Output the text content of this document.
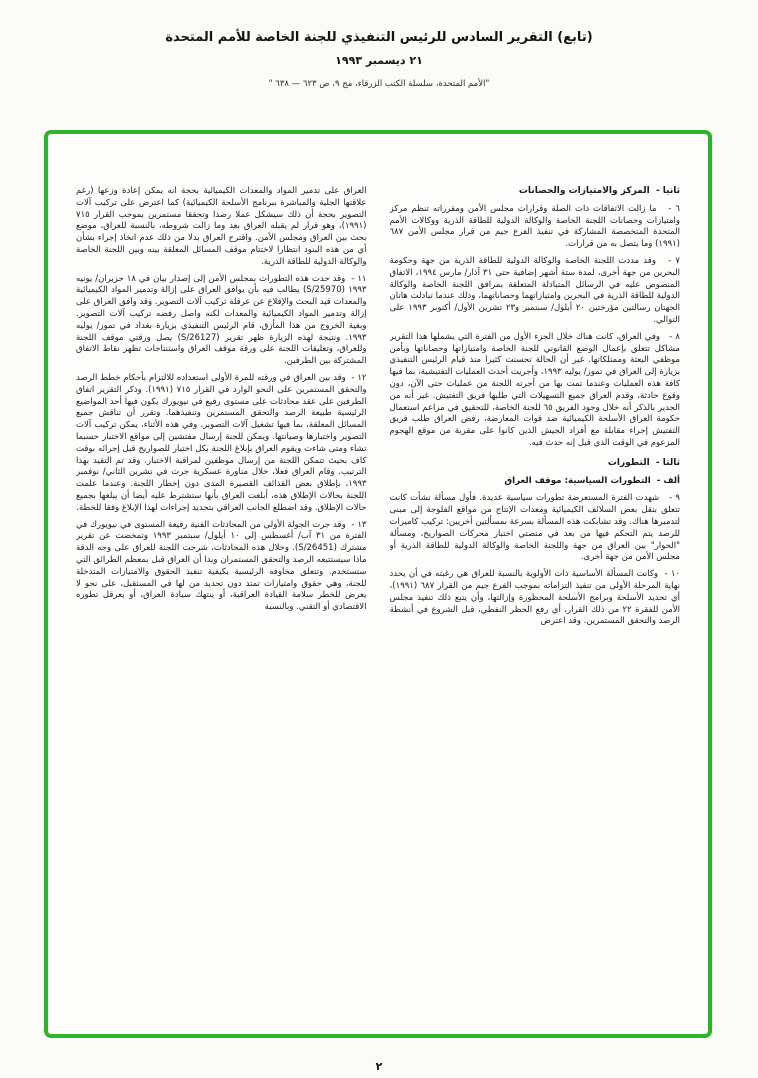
(تابع) التقرير السادس للرئيس التنفيذي للجنة الخاصة للأمم المتحدة
٢١ ديسمبر ١٩٩٣
"الأمم المتحدة، سلسلة الكتب الزرقاء، مج ٩، ص ٦٢٣ — ٦٣٨ "
ثانيا -  المركز والامتيازات والحصانات
٦ -   ما زالت الاتفاقات ذات الصلة وقرارات مجلس الأمن ومقرراته تنظم مركز وامتيازات وحصانات اللجنة الخاصة والوكالة الدولية للطاقة الذرية ووكالات الأمم المتحدة المتخصصة المشاركة في تنفيذ الفرع جيم من قرار مجلس الأمن ٦٨٧ (١٩٩١) وما يتصل به من قرارات.
٧ -   وقد مددت اللجنة الخاصة والوكالة الدولية للطاقة الذرية من جهة وحكومة البحرين من جهة أخرى، لمدة ستة أشهر إضافية حتى ٣١ آذار/ مارس ١٩٩٤، الاتفاق المنصوص عليه في الرسائل المتبادلة المتعلقة بمرافق اللجنة الخاصة والوكالة الدولية للطاقة الذرية في البحرين وامتيازاتهما وحصاناتهما، وذلك عندما تبادلت هاتان الجهتان رسالتين مؤرختين ٢٠ أيلول/ سبتمبر و٢٣ تشرين الأول/ أكتوبر ١٩٩٣ على التوالي.
٨ -   وفي العراق، كانت هناك خلال الجزء الأول من الفترة التي يشملها هذا التقرير مشاكل تتعلق بإعمال الوضع القانوني للجنة الخاصة وامتيازاتها وحصاناتها وبأمن موظفي البعثة وممتلكاتها. غير أن الحالة تحسنت كثيرا منذ قيام الرئيس التنفيذي بزيارة إلى العراق في تموز/ يوليه ١٩٩٣، وأجريت أحدث العمليات التفتيشية، بما فيها كافة هذه العمليات وعندما تمت بها من أجرته اللجنة من عمليات حتى الآن، دون وقوع حادثة، وقدم العراق جميع التسهيلات التي طلبها فريق التفتيش. غير أنه من الجدير بالذكر أنه خلال وجود الفريق ٦٥ للجنة الخاصة، للتحقيق في مزاعم استعمال حكومة العراق الأسلحة الكيميائية ضد قوات المعارضة، رفض العراق طلب فريق التفتيش إجراء مقابلة مع أفراد الجيش الذين كانوا على مقربة من موقع الهجوم المزعوم في الوقت الذي قيل إنه حدث فيه.
ثالثا -  التطورات
ألف -  التطورات السياسية: موقف العراق
٩ -   شهدت الفترة المستعرضة تطورات سياسية عديدة. فأول مسألة نشأت كانت تتعلق بنقل بعض السلائف الكيميائية ومعدات الإنتاج من مواقع الفلوجة إلى مبنى لتدميرها هناك. وقد تشابكت هذه المسألة بسرعة بمسألتين أخريين: تركيب كاميرات للرصد يتم التحكم فيها من بعد في منصتي اختبار محركات الصواريخ، ومسألة "الحوار" بين العراق من جهة واللجنة الخاصة والوكالة الدولية للطاقة الذرية أو مجلس الأمن من جهة أخرى.
١٠ -  وكانت المسألة الأساسية ذات الأولوية بالنسبة للعراق هي رغبته في أن يحدد نهاية المرحلة الأولى من تنفيذ التزاماته بموجب الفرع جيم من القرار ٦٨٧ (١٩٩١)، أي تحديد الأسلحة وبرامج الأسلحة المحظورة وإزالتها، وأن يتبع ذلك تنفيذ مجلس الأمن للفقرة ٢٢ من ذلك القرار، أي رفع الحظر النفطي، قبل الشروع في أنشطة الرصد والتحقق المستمرين. وقد اعترض
العراق على تدمير المواد والمعدات الكيميائية بحجة أنه يمكن إعادة وزعها (رغم علاقتها الجلية والمباشرة ببرنامج الأسلحة الكيميائية) كما اعترض على تركيب آلات التصوير بحجة أن ذلك سيشكل عملا رصدا وتحققا مستمرين بموجب القرار ٧١٥ (١٩٩١)، وهو قرار لم يقبله العراق بعد وما زالت شروطه، بالنسبة للعراق، موضع بحث بين العراق ومجلس الأمن. واقترح العراق بدلا من ذلك عدم اتخاذ إجراء بشأن أي من هذه البنود انتظارا لاختتام موقف المسائل المعلقة بينه وبين اللجنة الخاصة والوكالة الدولية للطاقة الذرية.
١١ -  وقد حدت هذه التطورات بمجلس الأمن إلى إصدار بيان في ١٨ حزيران/ يونيه ١٩٩٣ (S/25970) يطالب فيه بأن يوافق العراق على إزالة وتدمير المواد الكيميائية والمعدات قيد البحث والإقلاع عن عرقلة تركيب آلات التصوير. وقد وافق العراق على إزالة وتدمير المواد الكيميائية والمعدات لكنه واصل رفضه تركيب آلات التصوير. وبغية الخروج من هذا المأزق، قام الرئيس التنفيذي بزيارة بغداد في تموز/ يوليه ١٩٩٣. ونتيجة لهذه الزيارة ظهر تقرير (S/26127) يصل ورقتي موقف اللجنة وللعراق، وتعليقات اللجنة على ورقة موقف العراق واستنتاجات تظهر نقاط الاتفاق المشتركة بين الطرفين.
١٢ -  وقد بين العراق في ورقته للمرة الأولى استعداده للالتزام بأحكام خطط الرصد والتحقق المستمرين على النحو الوارد في القرار ٧١٥ (١٩٩١). وذكر التقرير اتفاق الطرفين على عقد محادثات على مستوى رفيع في نيويورك يكون فيها أحد المواضيع الرئيسية طبيعة الرصد والتحقق المستمرين وتنفيذهما. وتقرر أن تناقش جميع المسائل المعلقة، بما فيها تشغيل آلات التصوير. وفي هذه الأثناء، يمكن تركيب آلات التصوير واختبارها وصيانتها. ويمكن للجنة إرسال مفتشين إلى مواقع الاختبار حسبما تشاء ومتى شاءت ويقوم العراق بإبلاغ اللجنة بكل اختبار للصواريخ قبل إجرائه بوقت كاف بحيث تتمكن اللجنة من إرسال موظفين لمراقبة الاختبار. وقد تم التقيد بهذا الترتيب. وقام العراق فعلا، خلال مناورة عسكرية جرت في تشرين الثاني/ نوفمبر ١٩٩٣، بإطلاق بعض القذائف القصيرة المدى دون إخطار اللجنة. وعندما علمت اللجنة بحالات الإطلاق هذه، أبلغت العراق بأنها ستشترط عليه أيضا أن يبلغها بجميع حالات الإطلاق. وقد اضطلع الجانب العراقي بتحديد إجراءات لهذا الإبلاغ وفقا للخطة.
١٣ -  وقد جرت الجولة الأولى من المحادثات الفنية رفيعة المستوى في نيويورك في الفترة من ٣١ آب/ أغسطس إلى ١٠ أيلول/ سبتمبر ١٩٩٣ وتمخضت عن تقرير مشترك (S/26451). وخلال هذه المحادثات، شرحت اللجنة للعراق على وجه الدقة ماذا سيستتبعه الرصد والتحقق المستمران وبدا أن العراق قبل بمعظم الطرائق التي ستستخدم. وتتعلق مخاوفه الرئيسية بكيفية تنفيذ الحقوق والامتيازات المتدخلة للجنة، وهي حقوق وامتيازات تمتد دون تحديد من لها في المستقبل، على نحو لا يعرض للخطر سلامة القيادة العراقية، أو ينتهك سيادة العراق، أو يعرقل تطوره الاقتصادي أو التقني. وبالنسبة
٢
